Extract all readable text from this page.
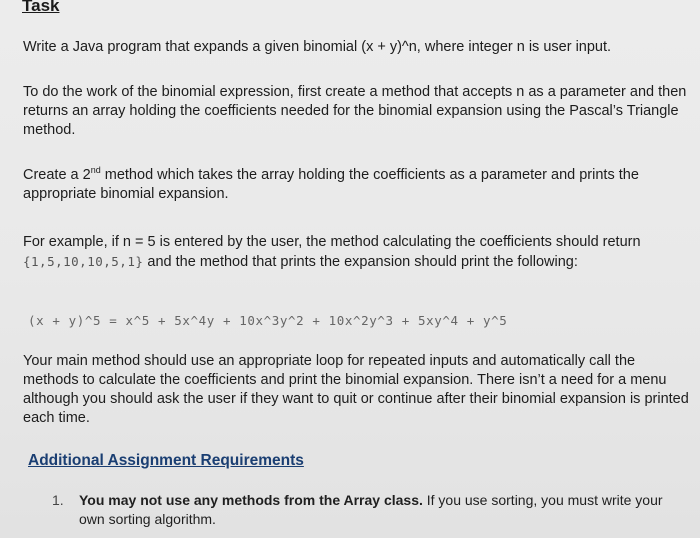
Task
Write a Java program that expands a given binomial (x + y)^n, where integer n is user input.
To do the work of the binomial expression, first create a method that accepts n as a parameter and then returns an array holding the coefficients needed for the binomial expansion using the Pascal’s Triangle method.
Create a 2nd method which takes the array holding the coefficients as a parameter and prints the appropriate binomial expansion.
For example, if n = 5 is entered by the user, the method calculating the coefficients should return {1,5,10,10,5,1} and the method that prints the expansion should print the following:
(x + y)^5 = x^5 + 5x^4y + 10x^3y^2 + 10x^2y^3 + 5xy^4 + y^5
Your main method should use an appropriate loop for repeated inputs and automatically call the methods to calculate the coefficients and print the binomial expansion. There isn’t a need for a menu although you should ask the user if they want to quit or continue after their binomial expansion is printed each time.
Additional Assignment Requirements
1. You may not use any methods from the Array class. If you use sorting, you must write your own sorting algorithm.
